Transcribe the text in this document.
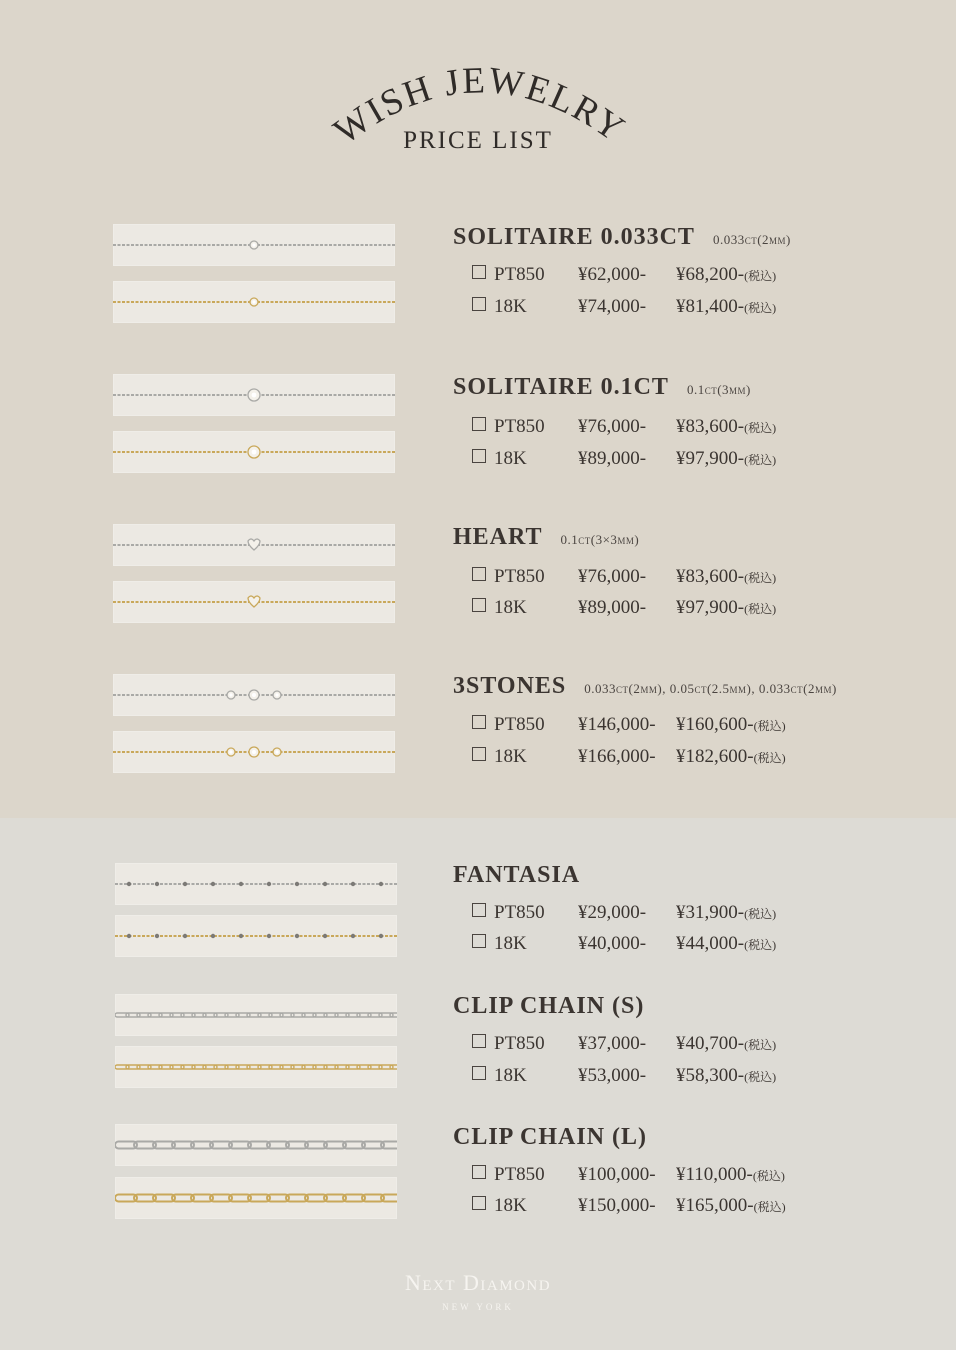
WISH JEWELRY
PRICE LIST
SOLITAIRE 0.033CT 0.033ct(2mm)
PT850 ¥62,000- ¥68,200-(税込)
18K	¥74,000- ¥81,400-(税込)
SOLITAIRE 0.1CT 0.1ct(3mm)
PT850 ¥76,000- ¥83,600-(税込)
18K	¥89,000- ¥97,900-(税込)
HEART 0.1ct(3×3mm)
PT850 ¥76,000- ¥83,600-(税込)
18K	¥89,000- ¥97,900-(税込)
3STONES 0.033ct(2mm), 0.05ct(2.5mm), 0.033ct(2mm)
PT850 ¥146,000- ¥160,600-(税込)
18K	¥166,000- ¥182,600-(税込)
FANTASIA
PT850 ¥29,000- ¥31,900-(税込)
18K	¥40,000- ¥44,000-(税込)
CLIP CHAIN (S)
PT850 ¥37,000- ¥40,700-(税込)
18K	¥53,000- ¥58,300-(税込)
CLIP CHAIN (L)
PT850 ¥100,000- ¥110,000-(税込)
18K	¥150,000- ¥165,000-(税込)
Next Diamond
NEW YORK
